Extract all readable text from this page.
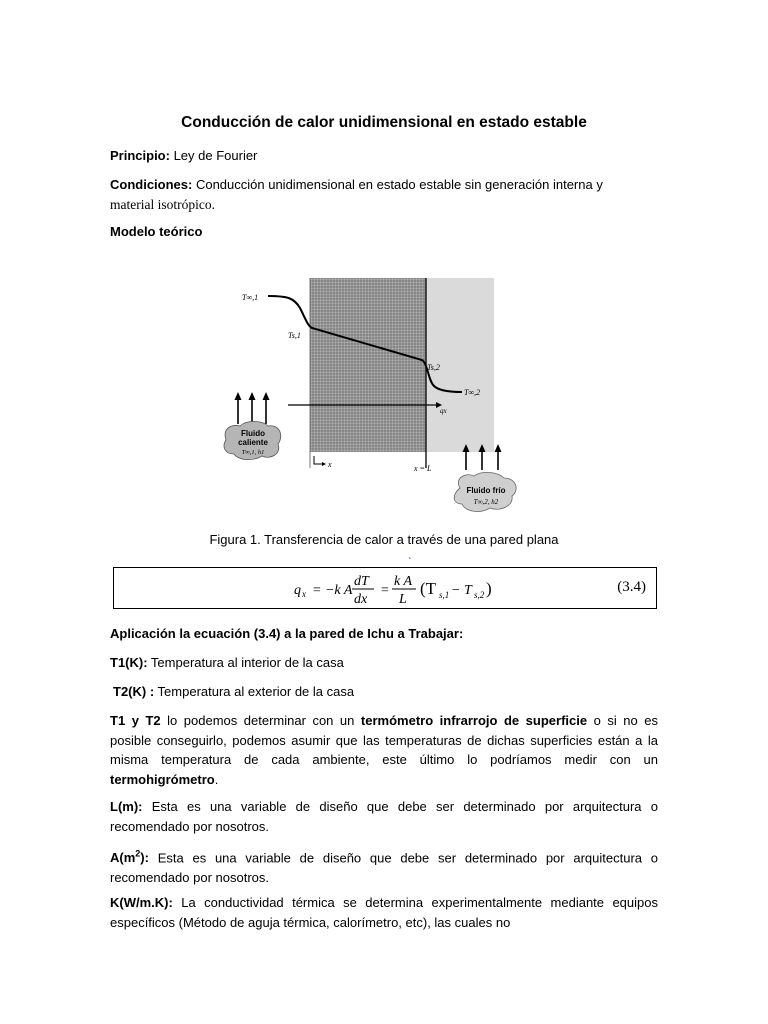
Conducción de calor unidimensional en estado estable
Principio: Ley de Fourier
Condiciones: Conducción unidimensional en estado estable sin generación interna y
material isotrópico.
Modelo teórico
T∞,1
Ts,1
Ts,2
T∞,2
qx
x	x = L
Fluido
caliente
T∞,1, h1
Fluido frío
T∞,2, h2
Figura 1. Transferencia de calor a través de una pared plana
`
q x = −k A
dT
dx
=
k A
L
(T s,1 − T s,2 )	(3.4)
Aplicación la ecuación (3.4) a la pared de Ichu a Trabajar:
T1(K): Temperatura al interior de la casa
T2(K) : Temperatura al exterior de la casa
T1 y T2 lo podemos determinar con un termómetro infrarrojo de superficie o si no es posible conseguirlo, podemos asumir que las temperaturas de dichas superficies están a la misma temperatura de cada ambiente, este último lo podríamos medir con un termohigrómetro.
L(m): Esta es una variable de diseño que debe ser determinado por arquitectura o recomendado por nosotros.
$A(m^2)$: Esta es una variable de diseño que debe ser determinado por arquitectura o recomendado por nosotros.
K(W/m.K): La conductividad térmica se determina experimentalmente mediante equipos específicos (Método de aguja térmica, calorímetro, etc), las cuales no
